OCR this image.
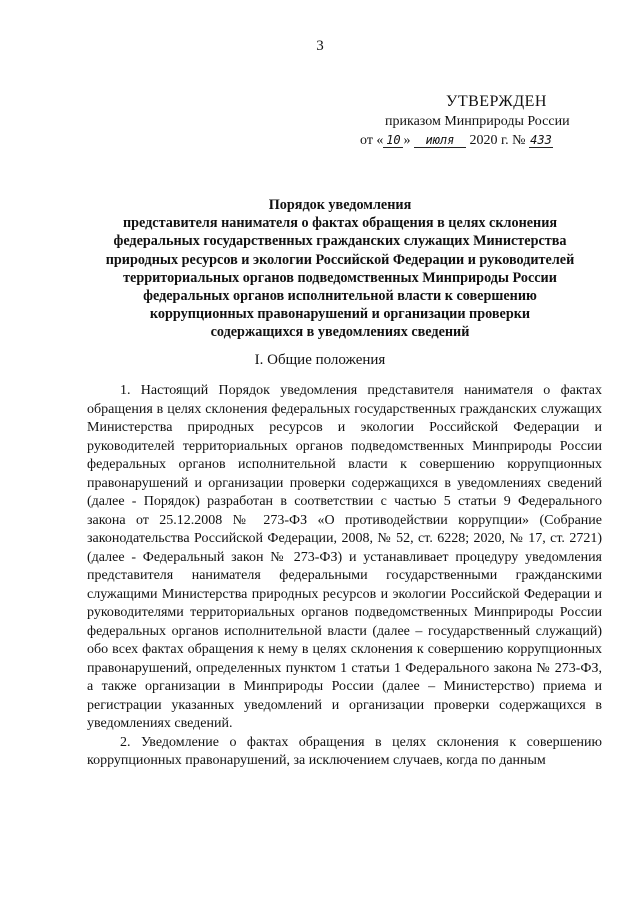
3
УТВЕРЖДЕН
приказом Минприроды России
от « 10 » июля 2020 г. № 433
Порядок уведомления
представителя нанимателя о фактах обращения в целях склонения
федеральных государственных гражданских служащих Министерства
природных ресурсов и экологии Российской Федерации и руководителей
территориальных органов подведомственных Минприроды России
федеральных органов исполнительной власти к совершению
коррупционных правонарушений и организации проверки
содержащихся в уведомлениях сведений
I. Общие положения

1. Настоящий Порядок уведомления представителя нанимателя о фактах обращения в целях склонения федеральных государственных гражданских служащих Министерства природных ресурсов и экологии Российской Федерации и руководителей территориальных органов подведомственных Минприроды России федеральных органов исполнительной власти к совершению коррупционных правонарушений и организации проверки содержащихся в уведомлениях сведений (далее - Порядок) разработан в соответствии с частью 5 статьи 9 Федерального закона от 25.12.2008 № 273-ФЗ «О противодействии коррупции» (Собрание законодательства Российской Федерации, 2008, № 52, ст. 6228; 2020, № 17, ст. 2721) (далее - Федеральный закон № 273-ФЗ) и устанавливает процедуру уведомления представителя нанимателя федеральными государственными гражданскими служащими Министерства природных ресурсов и экологии Российской Федерации и руководителями территориальных органов подведомственных Минприроды России федеральных органов исполнительной власти (далее – государственный служащий) обо всех фактах обращения к нему в целях склонения к совершению коррупционных правонарушений, определенных пунктом 1 статьи 1 Федерального закона № 273-ФЗ, а также организации в Минприроды России (далее – Министерство) приема и регистрации указанных уведомлений и организации проверки содержащихся в уведомлениях сведений.

2. Уведомление о фактах обращения в целях склонения к совершению коррупционных правонарушений, за исключением случаев, когда по данным
